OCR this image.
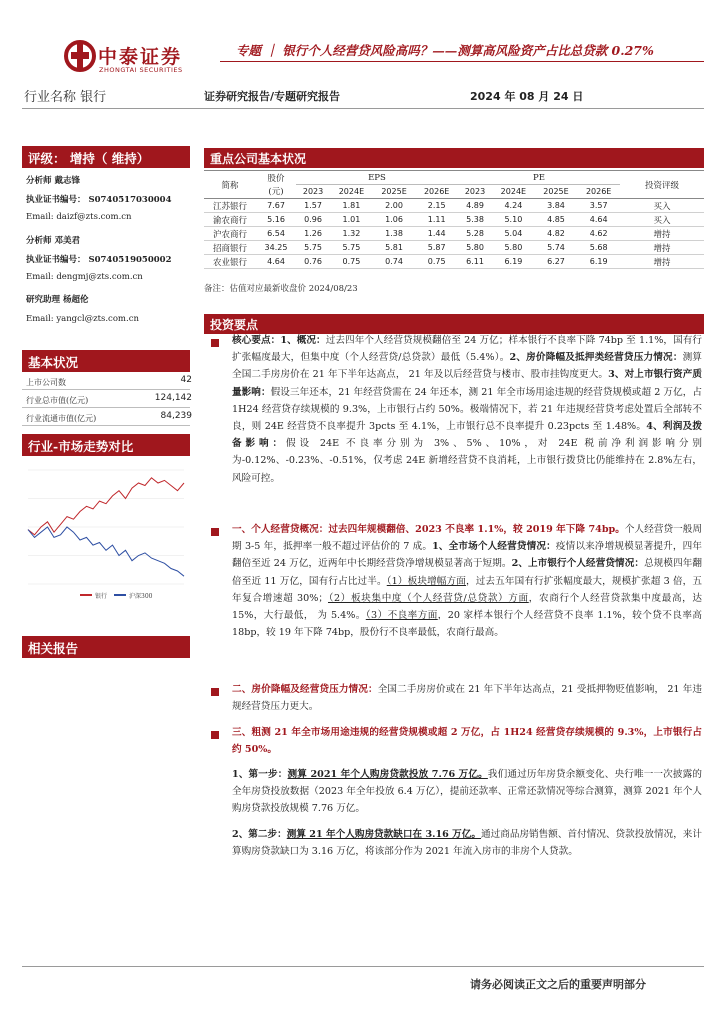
中泰证券
ZHONGTAI SECURITIES
专题 ｜ 银行个人经营贷风险高吗？——测算高风险资产占比总贷款 0.27%
行业名称 银行	证券研究报告/专题研究报告	2024 年 08 月 24 日
评级： 增持（ 维持）
分析师 戴志锋
执业证书编号： S0740517030004
Email: daizf@zts.com.cn
分析师 邓美君
执业证书编号： S0740519050002
Email: dengmj@zts.com.cn
研究助理 杨超伦
Email: yangcl@zts.com.cn
基本状况
上市公司数	42
行业总市值(亿元)	124,142
行业流通市值(亿元)	84,239
行业-市场走势对比
银行	沪深300
相关报告
重点公司基本状况
简称	股价	EPS				PE				投资评级
	(元)	2023	2024E	2025E	2026E	2023	2024E	2025E	2026E	
江苏银行	7.67	1.57	1.81	2.00	2.15	4.89	4.24	3.84	3.57	买入
渝农商行	5.16	0.96	1.01	1.06	1.11	5.38	5.10	4.85	4.64	买入
沪农商行	6.54	1.26	1.32	1.38	1.44	5.28	5.04	4.82	4.62	增持
招商银行	34.25	5.75	5.75	5.81	5.87	5.80	5.80	5.74	5.68	增持
农业银行	4.64	0.76	0.75	0.74	0.75	6.11	6.19	6.27	6.19	增持
备注：估值对应最新收盘价 2024/08/23
投资要点
核心要点：1、概况：过去四年个人经营贷规模翻倍至 24 万亿；样本银行不良率下降 74bp 至 1.1%，国有行扩张幅度最大，但集中度（个人经营贷/总贷款）最低（5.4%）。2、房价降幅及抵押类经营贷压力情况：测算全国二手房房价在 21 年下半年达高点， 21 年及以后经营贷与楼市、股市挂钩度更大。3、对上市银行资产质量影响：假设三年还本，21 年经营贷需在 24 年还本，测 21 年全市场用途违规的经营贷规模或超 2 万亿，占 1H24 经营贷存续规模的 9.3%，上市银行占约 50%。极端情况下，若 21 年违规经营贷考虑处置后全部转不良，则 24E 经营贷不良率提升 3pcts 至 4.1%，上市银行总不良率提升 0.23pcts 至 1.48%。4、利润及拨备影响：假设 24E 不良率分别为 3%、5%、10%，对 24E 税前净利润影响分别为-0.12%、-0.23%、-0.51%，仅考虑 24E 新增经营贷不良消耗，上市银行拨贷比仍能维持在 2.8%左右，风险可控。
一、个人经营贷概况：过去四年规模翻倍、2023 不良率 1.1%，较 2019 年下降 74bp。个人经营贷一般周期 3-5 年，抵押率一般不超过评估价的 7 成。1、全市场个人经营贷情况：疫情以来净增规模显著提升，四年翻倍至近 24 万亿，近两年中长期经营贷净增规模显著高于短期。2、上市银行个人经营贷情况：总规模四年翻倍至近 11 万亿，国有行占比过半。（1）板块增幅方面，过去五年国有行扩张幅度最大，规模扩张超 3 倍，五年复合增速超 30%；（2）板块集中度（个人经营贷/总贷款）方面，农商行个人经营贷款集中度最高，达 15%，大行最低， 为 5.4%。（3）不良率方面，20 家样本银行个人经营贷不良率 1.1%，较个贷不良率高 18bp，较 19 年下降 74bp，股份行不良率最低，农商行最高。
二、房价降幅及经营贷压力情况：全国二手房房价或在 21 年下半年达高点，21 受抵押物贬值影响， 21 年违规经营贷压力更大。
三、粗测 21 年全市场用途违规的经营贷规模或超 2 万亿，占 1H24 经营贷存续规模的 9.3%，上市银行占约 50%。
1、第一步：测算 2021 年个人购房贷款投放 7.76 万亿。我们通过历年房贷余额变化、央行唯一一次披露的全年房贷投放数据（2023 年全年投放 6.4 万亿），提前还款率、正常还款情况等综合测算，测算 2021 年个人购房贷款投放规模 7.76 万亿。
2、第二步：测算 21 年个人购房贷款缺口在 3.16 万亿。通过商品房销售额、首付情况、贷款投放情况，来计算购房贷款缺口为 3.16 万亿，将该部分作为 2021 年流入房市的非房个人贷款。
请务必阅读正文之后的重要声明部分
